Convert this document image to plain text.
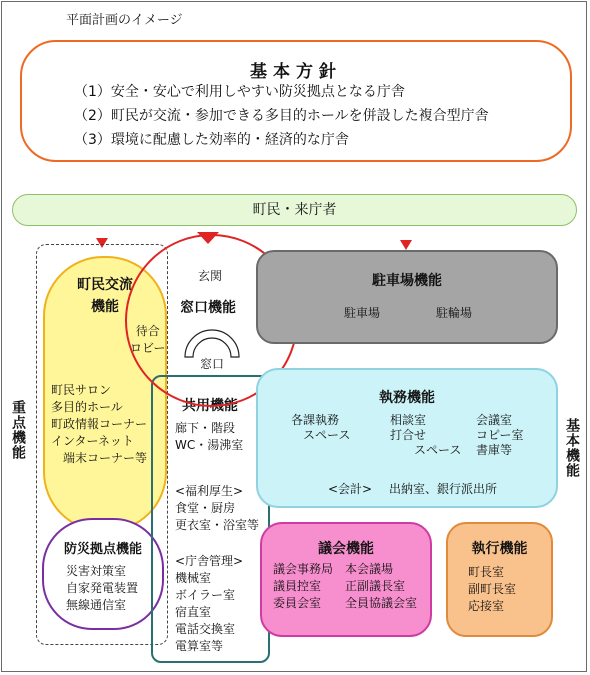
平面計画のイメージ
基本方針
（1）安全・安心で利用しやすい防災拠点となる庁舎
（2）町民が交流・参加できる多目的ホールを併設した複合型庁舎
（3）環境に配慮した効率的・経済的な庁舎
町民・来庁者
重点機能	基本機能
町民交流
機能
町民サロン
多目的ホール
町政情報コーナー
インターネット
　端末コーナー等
防災拠点機能
災害対策室
自家発電装置
無線通信室
共用機能
廊下・階段
WC・湯沸室
<福利厚生>
食堂・厨房
更衣室・浴室等
<庁舎管理>
機械室
ボイラー室
宿直室
電話交換室
電算室等
玄関
窓口機能
窓口
待合
ロビー
駐車場機能
駐車場	駐輪場
執務機能
各課執務
　スペース
相談室
打合せ
　　スペース
会議室
コピー室
書庫等
<会計> 出納室、銀行派出所
議会機能
議会事務局
議員控室
委員会室
本会議場
正副議長室
全員協議会室
執行機能
町長室
副町長室
応接室
